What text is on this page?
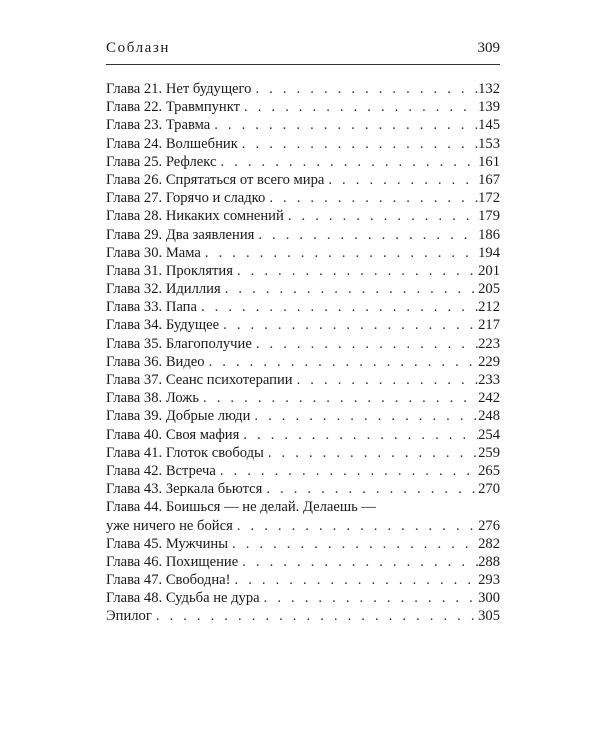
Соблазн	309
Глава 21. Нет будущего . . .	132
Глава 22. Травмпункт . . .	139
Глава 23. Травма . . .	145
Глава 24. Волшебник . . .	153
Глава 25. Рефлекс . . .	161
Глава 26. Спрятаться от всего мира . . .	167
Глава 27. Горячо и сладко . . .	172
Глава 28. Никаких сомнений . . .	179
Глава 29. Два заявления . . .	186
Глава 30. Мама . . .	194
Глава 31. Проклятия . . .	201
Глава 32. Идиллия . . .	205
Глава 33. Папа . . .	212
Глава 34. Будущее . . .	217
Глава 35. Благополучие . . .	223
Глава 36. Видео . . .	229
Глава 37. Сеанс психотерапии . . .	233
Глава 38. Ложь . . .	242
Глава 39. Добрые люди . . .	248
Глава 40. Своя мафия . . .	254
Глава 41. Глоток свободы . . .	259
Глава 42. Встреча . . .	265
Глава 43. Зеркала бьются . . .	270
Глава 44. Боишься — не делай. Делаешь —
уже ничего не бойся . . .	276
Глава 45. Мужчины . . .	282
Глава 46. Похищение . . .	288
Глава 47. Свободна! . . .	293
Глава 48. Судьба не дура . . .	300
Эпилог . . .	305
